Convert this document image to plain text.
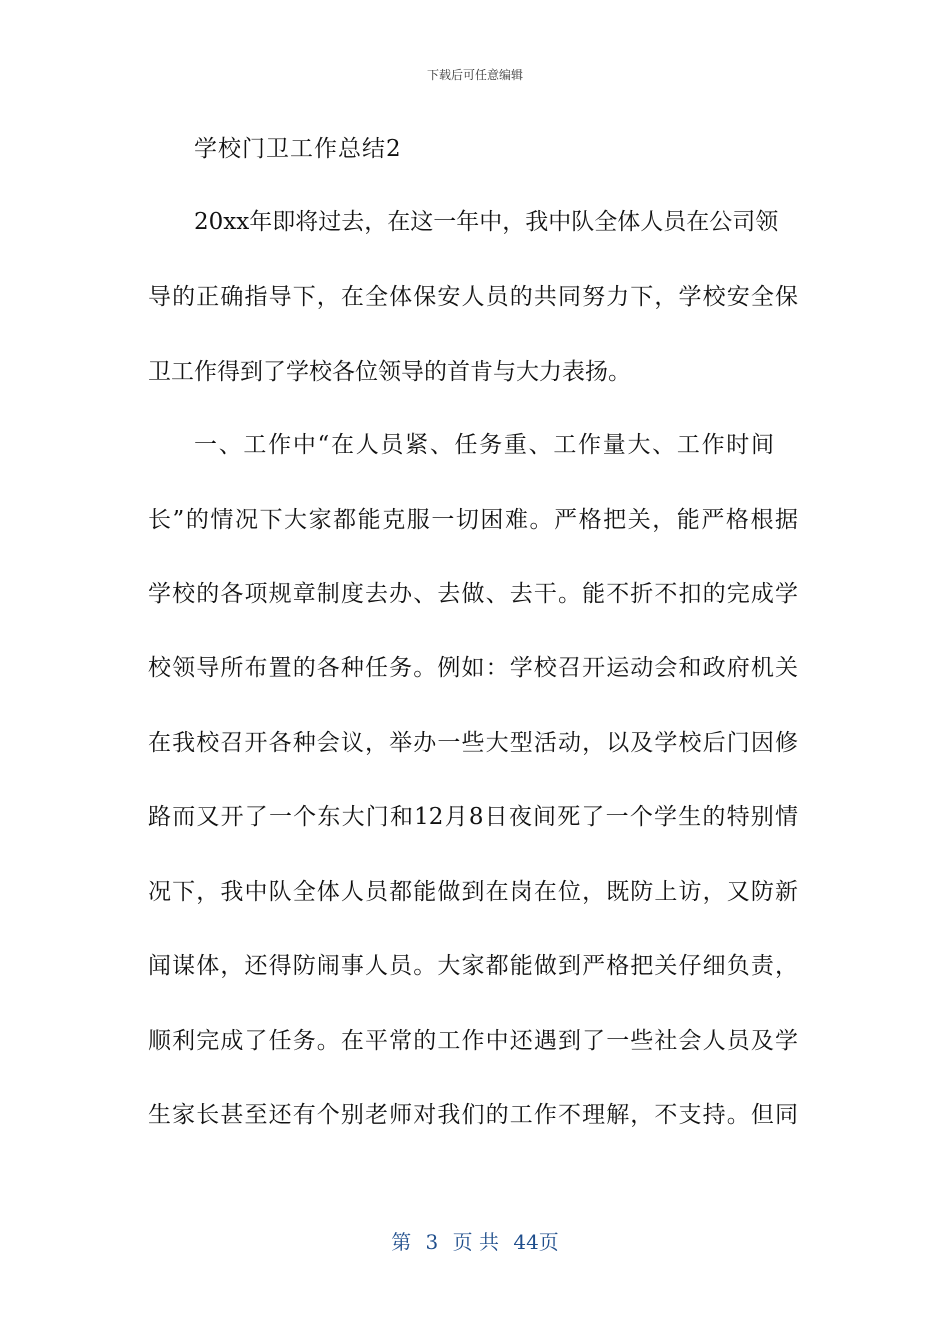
下载后可任意编辑
学校门卫工作总结2
20xx年即将过去，在这一年中，我中队全体人员在公司领
导的正确指导下，在全体保安人员的共同努力下，学校安全保
卫工作得到了学校各位领导的首肯与大力表扬。
一、工作中“在人员紧、任务重、工作量大、工作时间
长”的情况下大家都能克服一切困难。严格把关，能严格根据
学校的各项规章制度去办、去做、去干。能不折不扣的完成学
校领导所布置的各种任务。例如：学校召开运动会和政府机关
在我校召开各种会议，举办一些大型活动，以及学校后门因修
路而又开了一个东大门和12月8日夜间死了一个学生的特别情
况下，我中队全体人员都能做到在岗在位，既防上访，又防新
闻谋体，还得防闹事人员。大家都能做到严格把关仔细负责，
顺利完成了任务。在平常的工作中还遇到了一些社会人员及学
生家长甚至还有个别老师对我们的工作不理解，不支持。但同
第 3 页 共 44页
